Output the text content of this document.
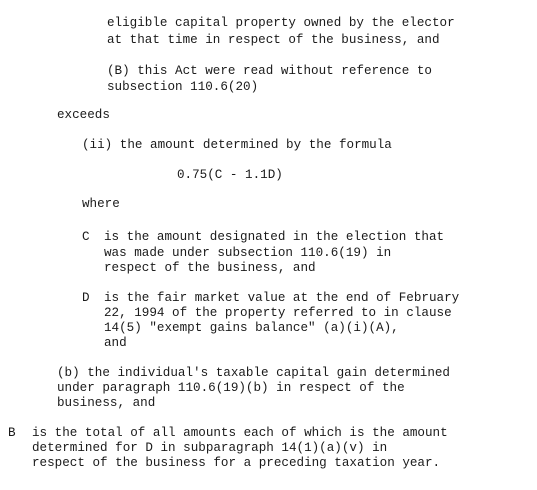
eligible capital property owned by the elector
at that time in respect of the business, and
(B) this Act were read without reference to
subsection 110.6(20)
exceeds
(ii) the amount determined by the formula
0.75(C - 1.1D)
where
C is the amount designated in the election that
was made under subsection 110.6(19) in
respect of the business, and
D is the fair market value at the end of February
22, 1994 of the property referred to in clause
14(5) "exempt gains balance" (a)(i)(A),
and
(b) the individual's taxable capital gain determined
under paragraph 110.6(19)(b) in respect of the
business, and
B is the total of all amounts each of which is the amount
determined for D in subparagraph 14(1)(a)(v) in
respect of the business for a preceding taxation year.
